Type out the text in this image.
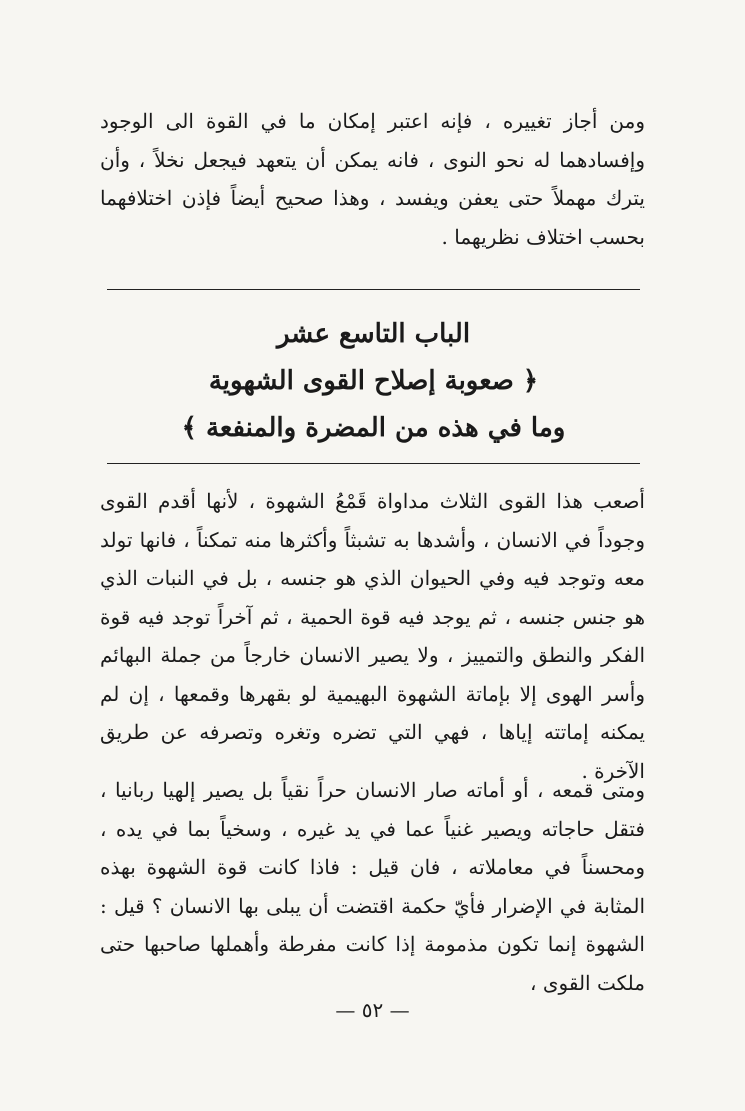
ومن أجاز تغييره ، فإنه اعتبر إمكان ما في القوة الى الوجود وإفسادهما له نحو النوى ، فانه يمكن أن يتعهد فيجعل نخلاً ، وأن يترك مهملاً حتى يعفن ويفسد ، وهذا صحيح أيضاً فإذن اختلافهما بحسب اختلاف نظريهما .

الباب التاسع عشر
﴿ صعوبة إصلاح القوى الشهوية
وما في هذه من المضرة والمنفعة ﴾

أصعب هذا القوى الثلاث مداواة قَمْعُ الشهوة ، لأنها أقدم القوى وجوداً في الانسان ، وأشدها به تشبثاً وأكثرها منه تمكناً ، فانها تولد معه وتوجد فيه وفي الحيوان الذي هو جنسه ، بل في النبات الذي هو جنس جنسه ، ثم يوجد فيه قوة الحمية ، ثم آخراً توجد فيه قوة الفكر والنطق والتمييز ، ولا يصير الانسان خارجاً من جملة البهائم وأسر الهوى إلا بإماتة الشهوة البهيمية لو بقهرها وقمعها ، إن لم يمكنه إماتته إياها ، فهي التي تضره وتغره وتصرفه عن طريق الآخرة .

ومتى قمعه ، أو أماته صار الانسان حراً نقياً بل يصير إلهيا ربانيا ، فتقل حاجاته ويصير غنياً عما في يد غيره ، وسخياً بما في يده ، ومحسناً في معاملاته ، فان قيل : فاذا كانت قوة الشهوة بهذه المثابة في الإضرار فأيّ حكمة اقتضت أن يبلى بها الانسان ؟ قيل : الشهوة إنما تكون مذمومة إذا كانت مفرطة وأهملها صاحبها حتى ملكت القوى ،

— ٥٢ —
